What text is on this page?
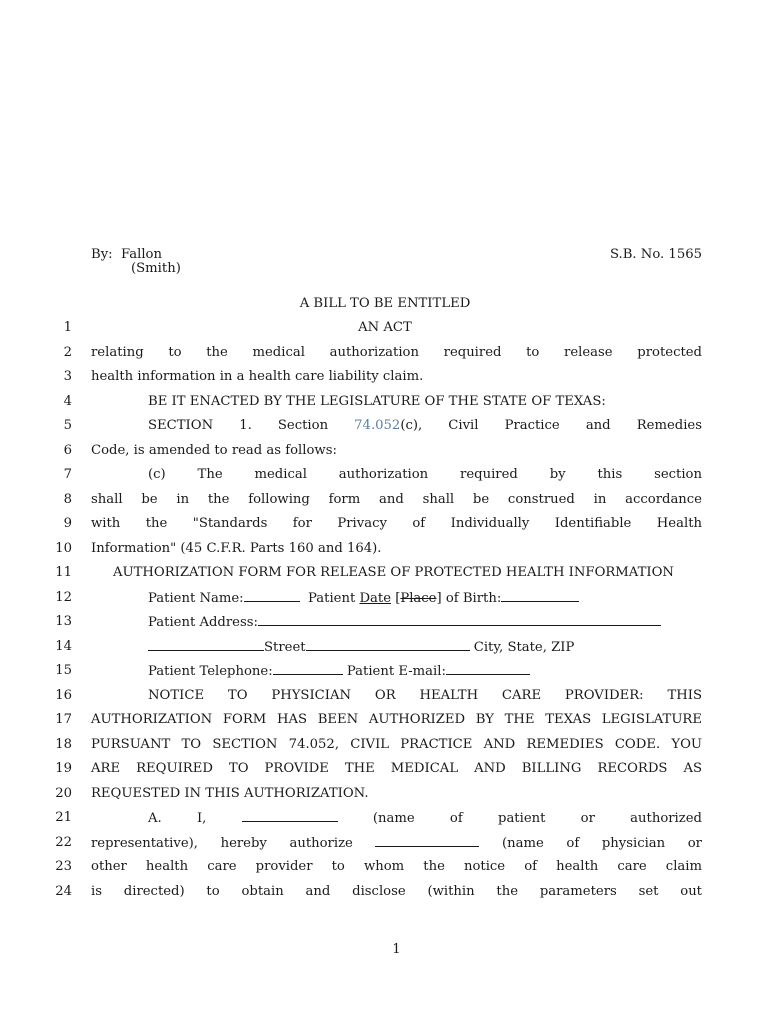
By: Fallon
(Smith)
S.B. No. 1565
A BILL TO BE ENTITLED
1
2
3
4
5
6
7
8
9
10
11
12
13
14
15
16
17
18
19
20
21
22
23
24
AN ACT
relating to the medical authorization required to release protected
health information in a health care liability claim.
BE IT ENACTED BY THE LEGISLATURE OF THE STATE OF TEXAS:
SECTION 1. Section 74.052(c), Civil Practice and Remedies
Code, is amended to read as follows:
(c) The medical authorization required by this section
shall be in the following form and shall be construed in accordance
with the "Standards for Privacy of Individually Identifiable Health
Information" (45 C.F.R. Parts 160 and 164).
AUTHORIZATION FORM FOR RELEASE OF PROTECTED HEALTH INFORMATION
Patient Name:	Patient Date [Place] of Birth:
Patient Address:
Street	City, State, ZIP
Patient Telephone:	Patient E-mail:
NOTICE TO PHYSICIAN OR HEALTH CARE PROVIDER: THIS
AUTHORIZATION FORM HAS BEEN AUTHORIZED BY THE TEXAS LEGISLATURE
PURSUANT TO SECTION 74.052, CIVIL PRACTICE AND REMEDIES CODE. YOU
ARE REQUIRED TO PROVIDE THE MEDICAL AND BILLING RECORDS AS
REQUESTED IN THIS AUTHORIZATION.
A. I,	(name of patient or authorized
representative), hereby authorize	(name of physician or
other health care provider to whom the notice of health care claim
is directed) to obtain and disclose (within the parameters set out
1
